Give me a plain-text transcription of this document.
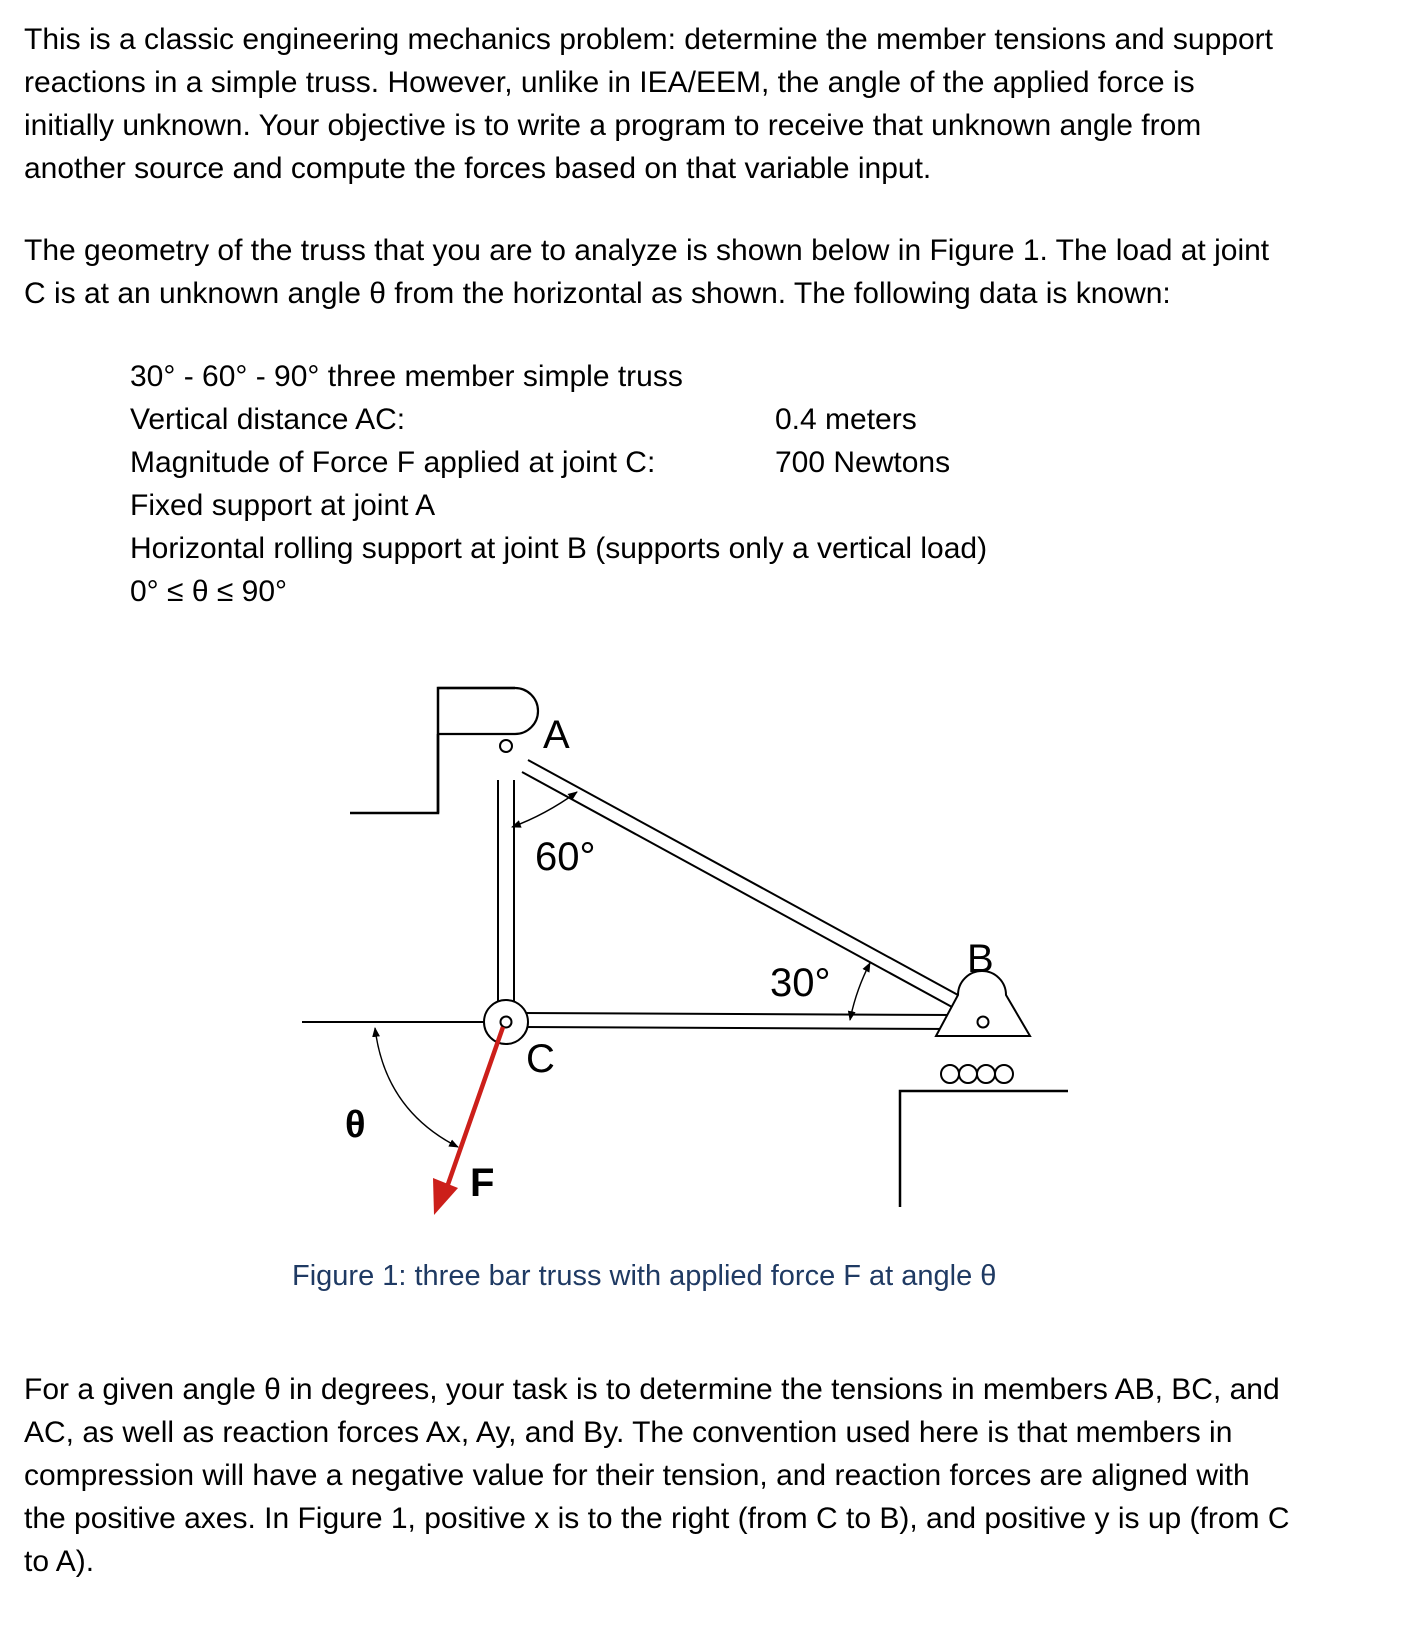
This is a classic engineering mechanics problem: determine the member tensions and support
reactions in a simple truss. However, unlike in IEA/EEM, the angle of the applied force is
initially unknown. Your objective is to write a program to receive that unknown angle from
another source and compute the forces based on that variable input.
The geometry of the truss that you are to analyze is shown below in Figure 1. The load at joint
C is at an unknown angle θ from the horizontal as shown. The following data is known:
30° - 60° - 90° three member simple truss
Vertical distance AC:	0.4 meters
Magnitude of Force F applied at joint C:	700 Newtons
Fixed support at joint A
Horizontal rolling support at joint B (supports only a vertical load)
0° ≤ θ ≤ 90°
A
60°
30°
B
C
F
θ
Figure 1: three bar truss with applied force F at angle θ
For a given angle θ in degrees, your task is to determine the tensions in members AB, BC, and
AC, as well as reaction forces Ax, Ay, and By. The convention used here is that members in
compression will have a negative value for their tension, and reaction forces are aligned with
the positive axes. In Figure 1, positive x is to the right (from C to B), and positive y is up (from C
to A).
